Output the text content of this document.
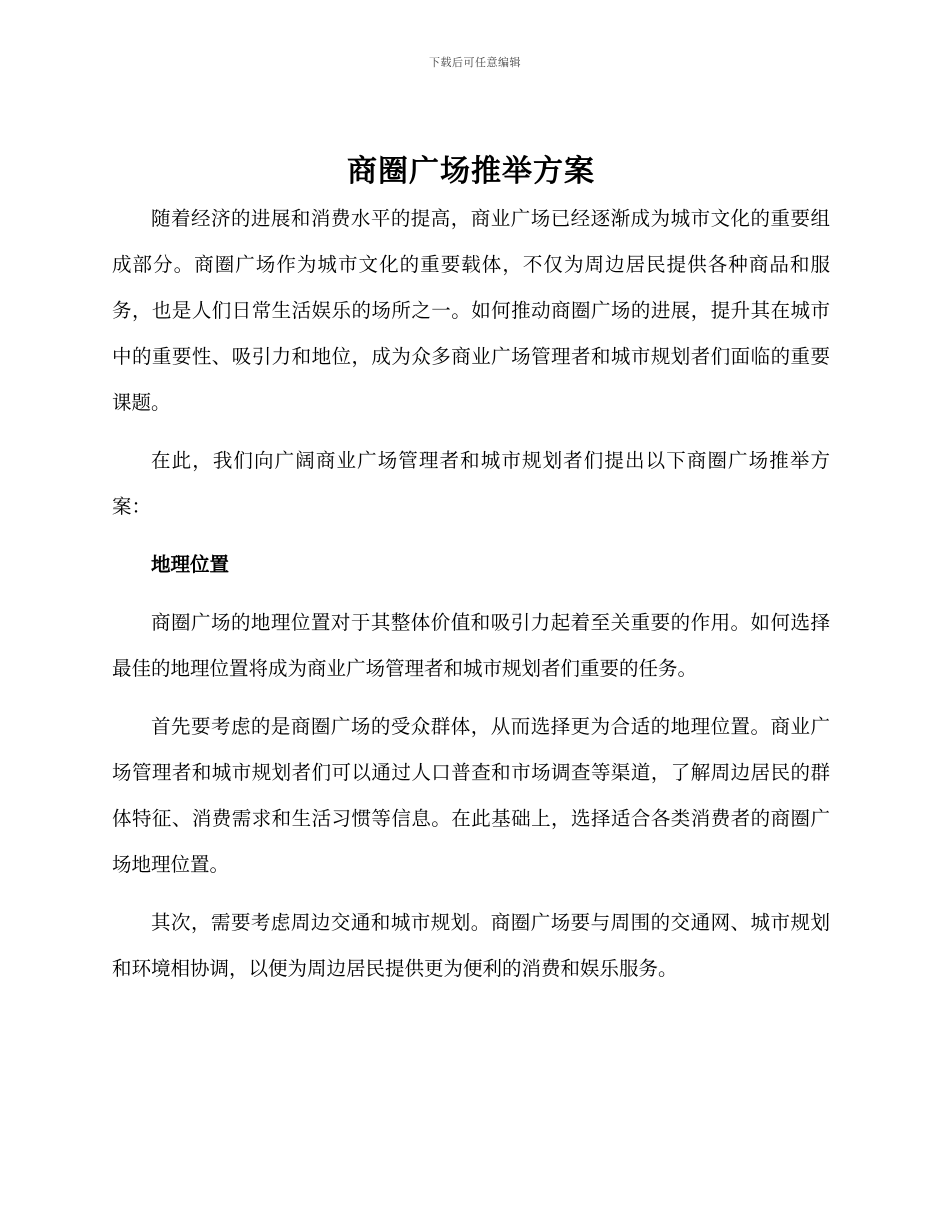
下载后可任意编辑
商圈广场推举方案

随着经济的进展和消费水平的提高，商业广场已经逐渐成为城市文化的重要组成部分。商圈广场作为城市文化的重要载体，不仅为周边居民提供各种商品和服务，也是人们日常生活娱乐的场所之一。如何推动商圈广场的进展，提升其在城市中的重要性、吸引力和地位，成为众多商业广场管理者和城市规划者们面临的重要课题。

在此，我们向广阔商业广场管理者和城市规划者们提出以下商圈广场推举方案：

地理位置

商圈广场的地理位置对于其整体价值和吸引力起着至关重要的作用。如何选择最佳的地理位置将成为商业广场管理者和城市规划者们重要的任务。

首先要考虑的是商圈广场的受众群体，从而选择更为合适的地理位置。商业广场管理者和城市规划者们可以通过人口普查和市场调查等渠道，了解周边居民的群体特征、消费需求和生活习惯等信息。在此基础上，选择适合各类消费者的商圈广场地理位置。

其次，需要考虑周边交通和城市规划。商圈广场要与周围的交通网、城市规划和环境相协调，以便为周边居民提供更为便利的消费和娱乐服务。
